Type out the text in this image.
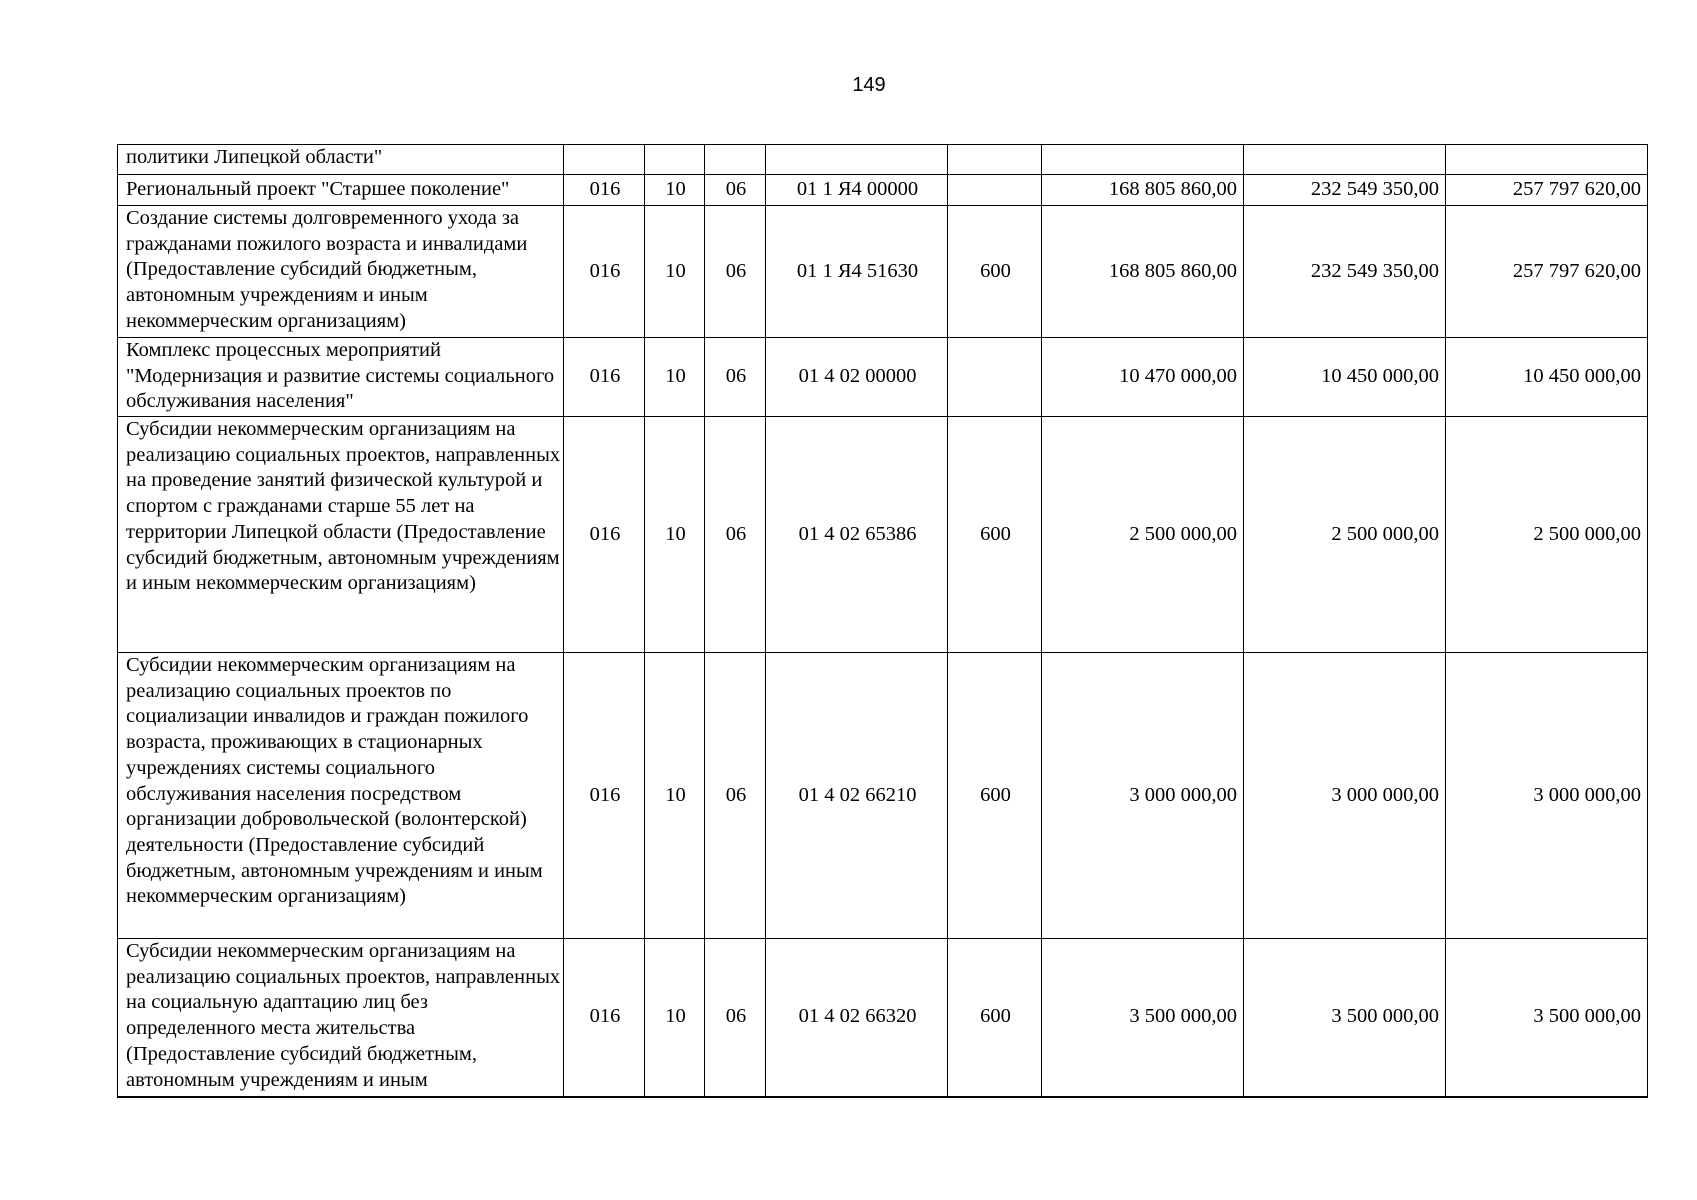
149
политики Липецкой области"								
Региональный проект "Старшее поколение"	016	10	06	01 1 Я4 00000		168 805 860,00	232 549 350,00	257 797 620,00
Создание системы долговременного ухода за гражданами пожилого возраста и инвалидами (Предоставление субсидий бюджетным, автономным учреждениям и иным некоммерческим организациям)	016	10	06	01 1 Я4 51630	600	168 805 860,00	232 549 350,00	257 797 620,00
Комплекс процессных мероприятий "Модернизация и развитие системы социального обслуживания населения"	016	10	06	01 4 02 00000		10 470 000,00	10 450 000,00	10 450 000,00
Субсидии некоммерческим организациям на реализацию социальных проектов, направленных на проведение занятий физической культурой и спортом с гражданами старше 55 лет на территории Липецкой области (Предоставление субсидий бюджетным, автономным учреждениям и иным некоммерческим организациям)	016	10	06	01 4 02 65386	600	2 500 000,00	2 500 000,00	2 500 000,00
Субсидии некоммерческим организациям на реализацию социальных проектов по социализации инвалидов и граждан пожилого возраста, проживающих в стационарных учреждениях системы социального обслуживания населения посредством организации добровольческой (волонтерской) деятельности (Предоставление субсидий бюджетным, автономным учреждениям и иным некоммерческим организациям)	016	10	06	01 4 02 66210	600	3 000 000,00	3 000 000,00	3 000 000,00
Субсидии некоммерческим организациям на реализацию социальных проектов, направленных на социальную адаптацию лиц без определенного места жительства (Предоставление субсидий бюджетным, автономным учреждениям и иным	016	10	06	01 4 02 66320	600	3 500 000,00	3 500 000,00	3 500 000,00
